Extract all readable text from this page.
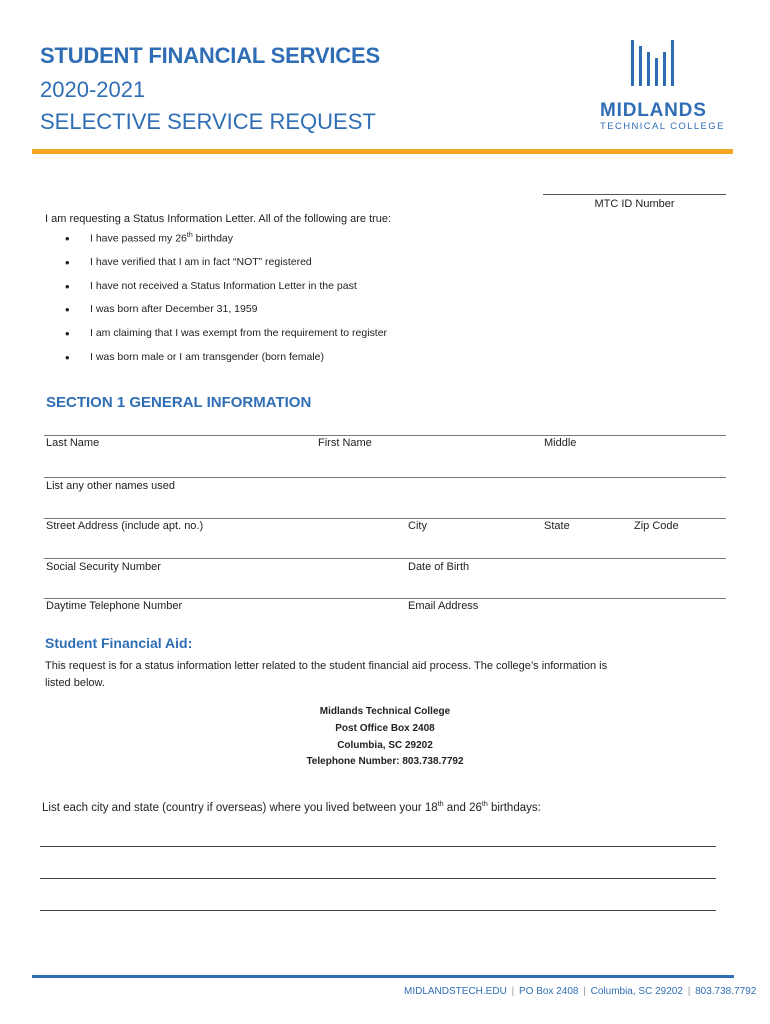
STUDENT FINANCIAL SERVICES
2020-2021
SELECTIVE SERVICE REQUEST	MIDLANDS
TECHNICAL COLLEGE
MTC ID Number
I am requesting a Status Information Letter. All of the following are true:
• I have passed my 26th birthday
• I have verified that I am in fact “NOT” registered
• I have not received a Status Information Letter in the past
• I was born after December 31, 1959
• I am claiming that I was exempt from the requirement to register
• I was born male or I am transgender (born female)
SECTION 1 GENERAL INFORMATION
Last Name	First Name	Middle
List any other names used
Street Address (include apt. no.)	City	State	Zip Code
Social Security Number	Date of Birth
Daytime Telephone Number	Email Address
Student Financial Aid:
This request is for a status information letter related to the student financial aid process. The college’s information is listed below.
Midlands Technical College
Post Office Box 2408
Columbia, SC 29202
Telephone Number: 803.738.7792
List each city and state (country if overseas) where you lived between your 18th and 26th birthdays:
MIDLANDSTECH.EDU | PO Box 2408 | Columbia, SC 29202 | 803.738.7792
